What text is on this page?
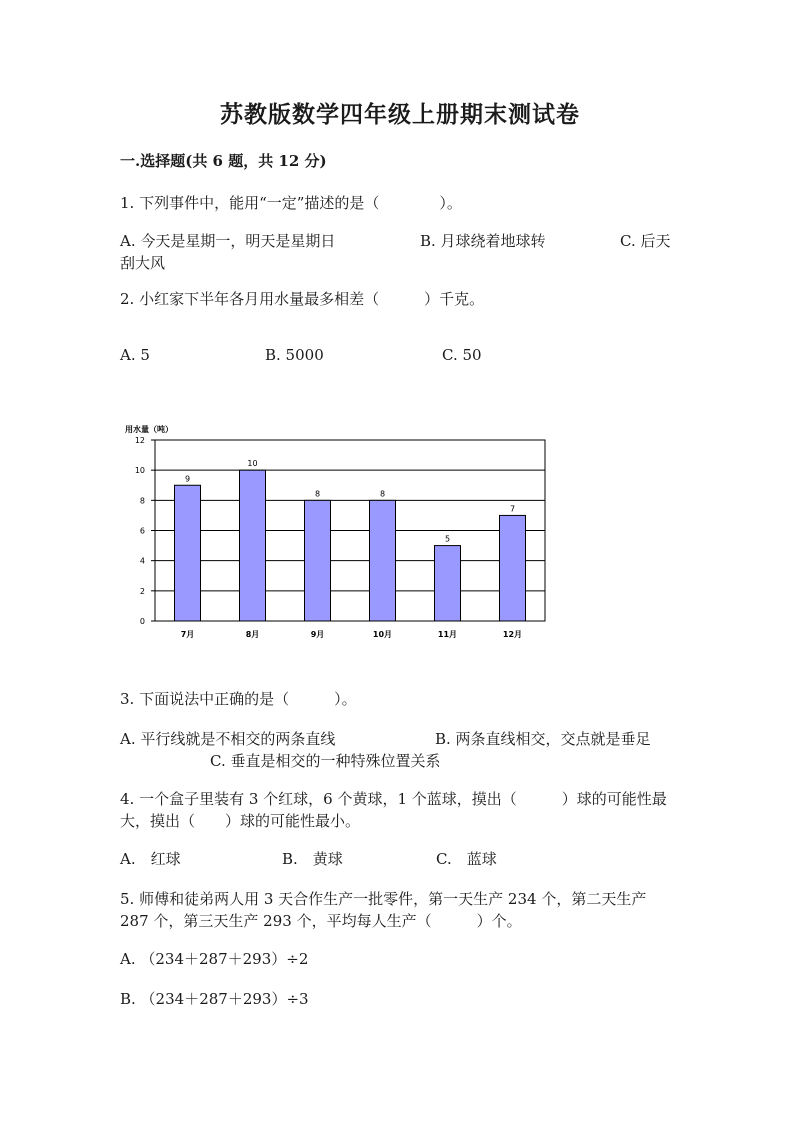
苏教版数学四年级上册期末测试卷
一.选择题(共 6 题，共 12 分)
1. 下列事件中，能用“一定”描述的是（　　　　）。
A. 今天是星期一，明天是星期日	B. 月球绕着地球转	C. 后天
刮大风
2. 小红家下半年各月用水量最多相差（　　　）千克。
A. 5	B. 5000	C. 50
用水量（吨）
0
2
4
6
8
10
12
9
7月
10
8月
8
9月
8
10月
5
11月
7
12月
3. 下面说法中正确的是（　　　）。
A. 平行线就是不相交的两条直线	B. 两条直线相交，交点就是垂足
C. 垂直是相交的一种特殊位置关系
4. 一个盒子里装有 3 个红球，6 个黄球，1 个蓝球，摸出（　　　）球的可能性最
大，摸出（　　）球的可能性最小。
A.　红球	B.　黄球	C.　蓝球
5. 师傅和徒弟两人用 3 天合作生产一批零件，第一天生产 234 个，第二天生产
287 个，第三天生产 293 个，平均每人生产（　　　）个。
A. （234＋287＋293）÷2
B. （234＋287＋293）÷3
